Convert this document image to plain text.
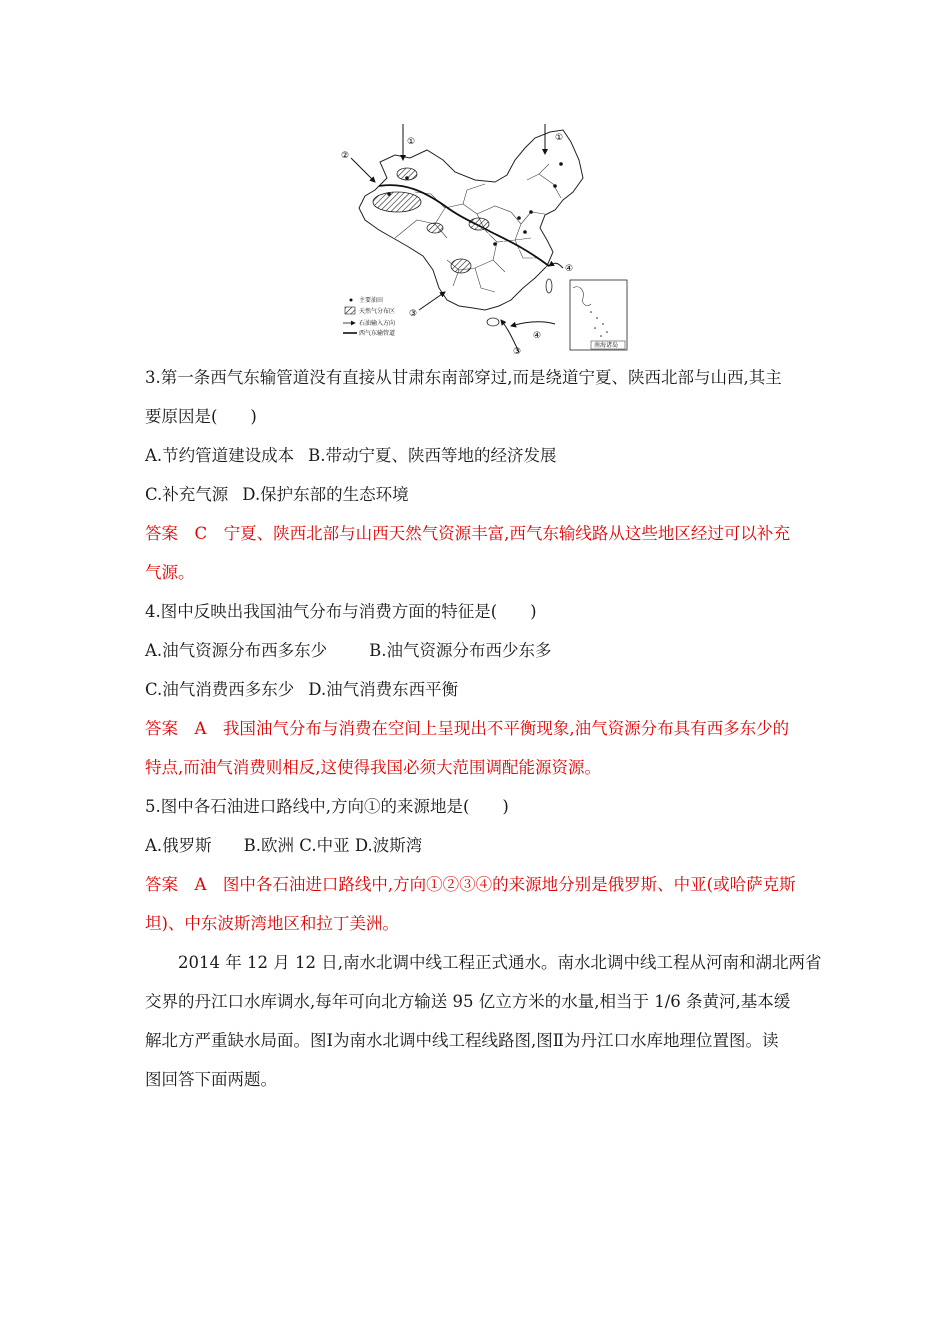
①
②
①
④
③
③
④
主要油田
天然气分布区
石油输入方向
西气东输管道
南海诸岛
3.第一条西气东输管道没有直接从甘肃东南部穿过,而是绕道宁夏、陕西北部与山西,其主
要原因是(　　)
A.节约管道建设成本 B.带动宁夏、陕西等地的经济发展
C.补充气源 D.保护东部的生态环境
答案　C　宁夏、陕西北部与山西天然气资源丰富,西气东输线路从这些地区经过可以补充
气源。
4.图中反映出我国油气分布与消费方面的特征是(　　)
A.油气资源分布西多东少	B.油气资源分布西少东多
C.油气消费西多东少 D.油气消费东西平衡
答案　A　我国油气分布与消费在空间上呈现出不平衡现象,油气资源分布具有西多东少的
特点,而油气消费则相反,这使得我国必须大范围调配能源资源。
5.图中各石油进口路线中,方向①的来源地是(　　)
A.俄罗斯 B.欧洲
C.中亚
D.波斯湾
答案　A　图中各石油进口路线中,方向①②③④的来源地分别是俄罗斯、中亚(或哈萨克斯
坦)、中东波斯湾地区和拉丁美洲。
2014 年 12 月 12 日,南水北调中线工程正式通水。南水北调中线工程从河南和湖北两省
交界的丹江口水库调水,每年可向北方输送 95 亿立方米的水量,相当于 1/6 条黄河,基本缓
解北方严重缺水局面。图Ⅰ为南水北调中线工程线路图,图Ⅱ为丹江口水库地理位置图。读
图回答下面两题。
